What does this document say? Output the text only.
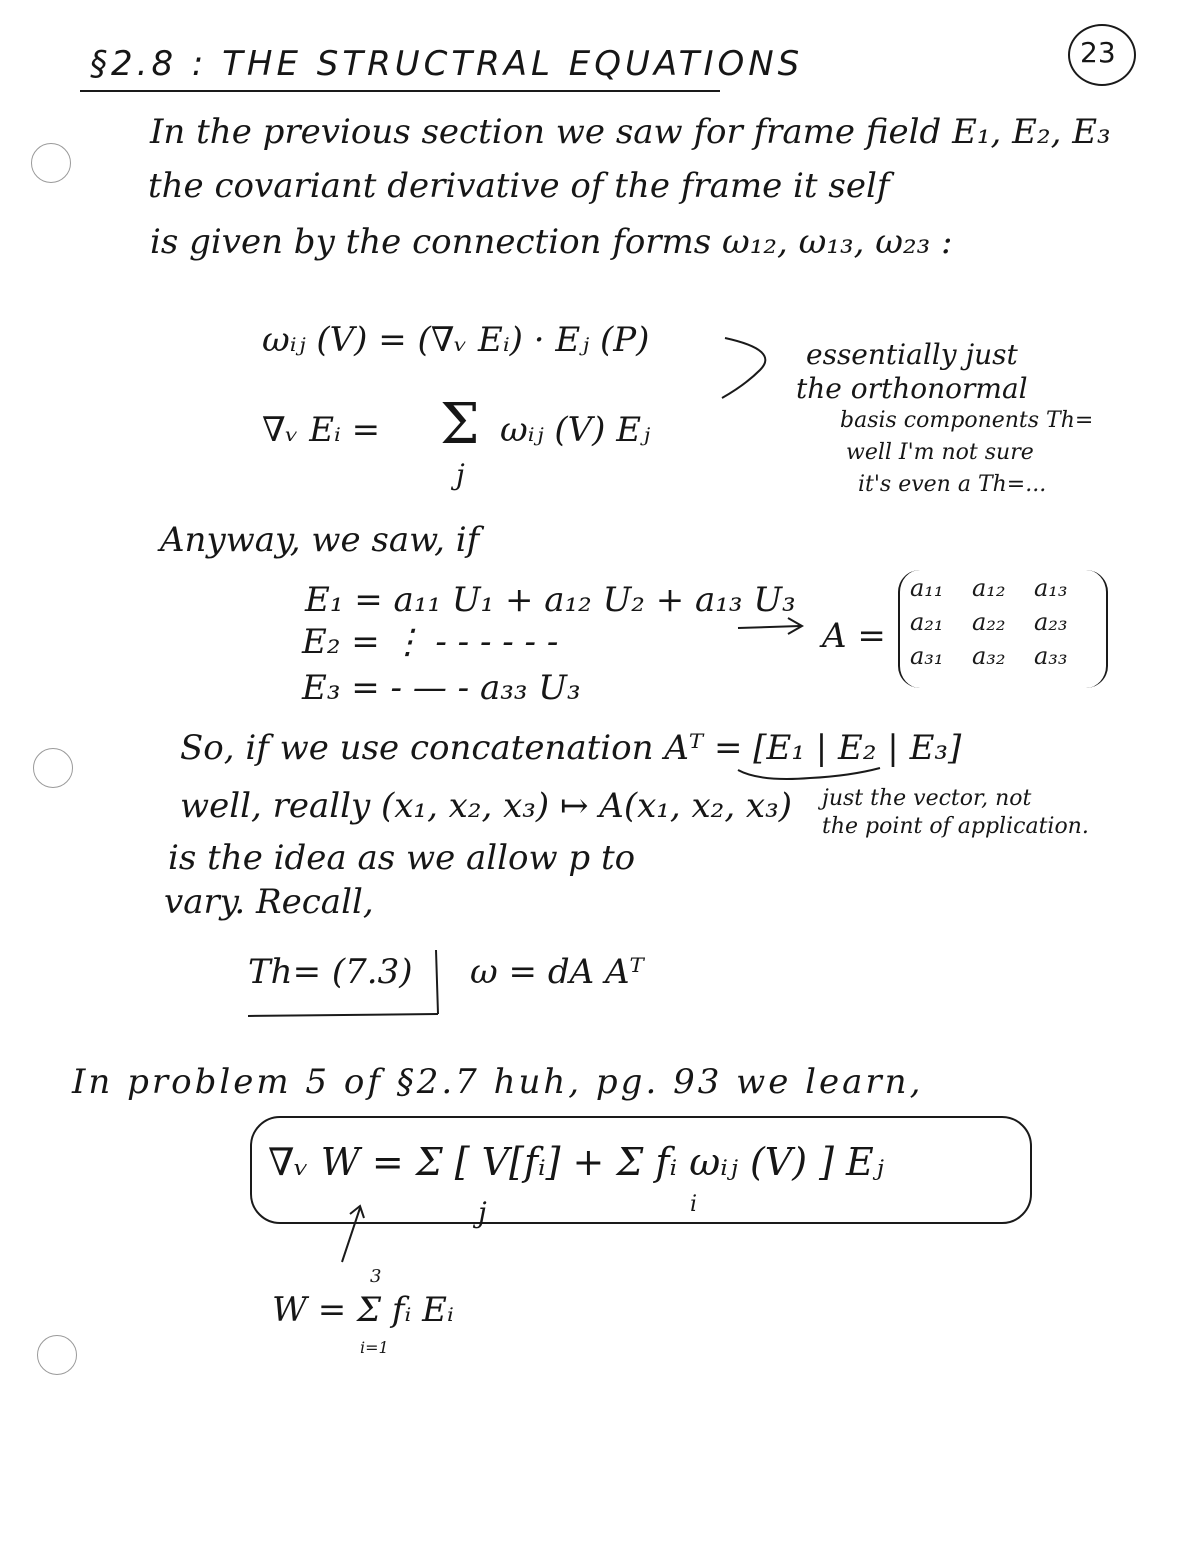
§2.8 : THE STRUCTRAL EQUATIONS	23
In the previous section we saw for frame field E₁, E₂, E₃
the covariant derivative of the frame it self
is given by the connection forms ω₁₂, ω₁₃, ω₂₃ :
ωᵢⱼ (V) = (∇ᵥ Eᵢ) · Eⱼ (P)
∇ᵥ Eᵢ = Σ
j
ωᵢⱼ (V) Eⱼ
essentially just
the orthonormal
basis components Th=
well I'm not sure
it's even a Th=...
Anyway, we saw, if
E₁ = a₁₁ U₁ + a₁₂ U₂ + a₁₃ U₃
E₂ = ⋮ - - - - - -
E₃ = - — - a₃₃ U₃
A =
a₁₁	a₁₂	a₁₃
a₂₁	a₂₂	a₂₃
a₃₁	a₃₂	a₃₃
So, if we use concatenation Aᵀ = [E₁ | E₂ | E₃]
well, really (x₁, x₂, x₃) ↦ A(x₁, x₂, x₃)
is the idea as we allow p to
vary. Recall,
just the vector, not
the point of application.
Th= (7.3) ω = dA Aᵀ
In problem 5 of §2.7 huh, pg. 93 we learn,
∇ᵥ W = Σ [ V[fᵢ] + Σ fᵢ ωᵢⱼ (V) ] Eⱼ
j	i
3
W = Σ fᵢ Eᵢ
i=1
